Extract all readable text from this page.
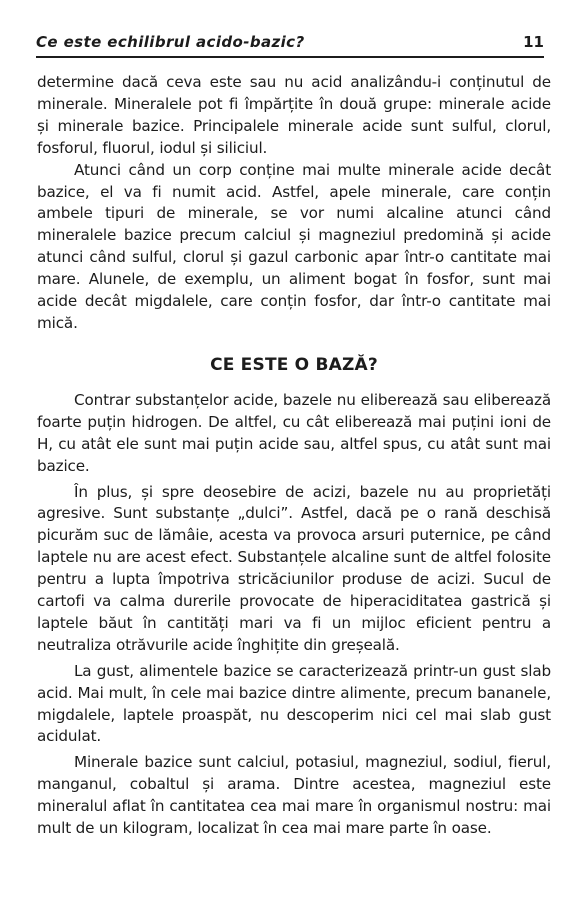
Ce este echilibrul acido-bazic?	11

determine dacă ceva este sau nu acid analizându-i conținutul de minerale. Mineralele pot fi împărțite în două grupe: minerale acide și minerale bazice. Principalele minerale acide sunt sulful, clorul, fosforul, fluorul, iodul și siliciul.

Atunci când un corp conține mai multe minerale acide decât bazice, el va fi numit acid. Astfel, apele minerale, care conțin ambele tipuri de minerale, se vor numi alcaline atunci când mineralele bazice precum calciul și magneziul predomină și acide atunci când sulful, clorul și gazul carbonic apar într-o cantitate mai mare. Alunele, de exemplu, un aliment bogat în fosfor, sunt mai acide decât migdalele, care conțin fosfor, dar într-o cantitate mai mică.

CE ESTE O BAZĂ?

Contrar substanțelor acide, bazele nu eliberează sau eliberează foarte puțin hidrogen. De altfel, cu cât eliberează mai puțini ioni de H, cu atât ele sunt mai puțin acide sau, altfel spus, cu atât sunt mai bazice.

În plus, și spre deosebire de acizi, bazele nu au proprietăți agresive. Sunt substanțe „dulci”. Astfel, dacă pe o rană deschisă picurăm suc de lămâie, acesta va provoca arsuri puternice, pe când laptele nu are acest efect. Substanțele alcaline sunt de altfel folosite pentru a lupta împotriva stricăciunilor produse de acizi. Sucul de cartofi va calma durerile provocate de hiperaciditatea gastrică și laptele băut în cantități mari va fi un mijloc eficient pentru a neutraliza otrăvurile acide înghițite din greșeală.

La gust, alimentele bazice se caracterizează printr-un gust slab acid. Mai mult, în cele mai bazice dintre alimente, precum bananele, migdalele, laptele proaspăt, nu descoperim nici cel mai slab gust acidulat.

Minerale bazice sunt calciul, potasiul, magneziul, sodiul, fierul, manganul, cobaltul și arama. Dintre acestea, magneziul este mineralul aflat în cantitatea cea mai mare în organismul nostru: mai mult de un kilogram, localizat în cea mai mare parte în oase.
